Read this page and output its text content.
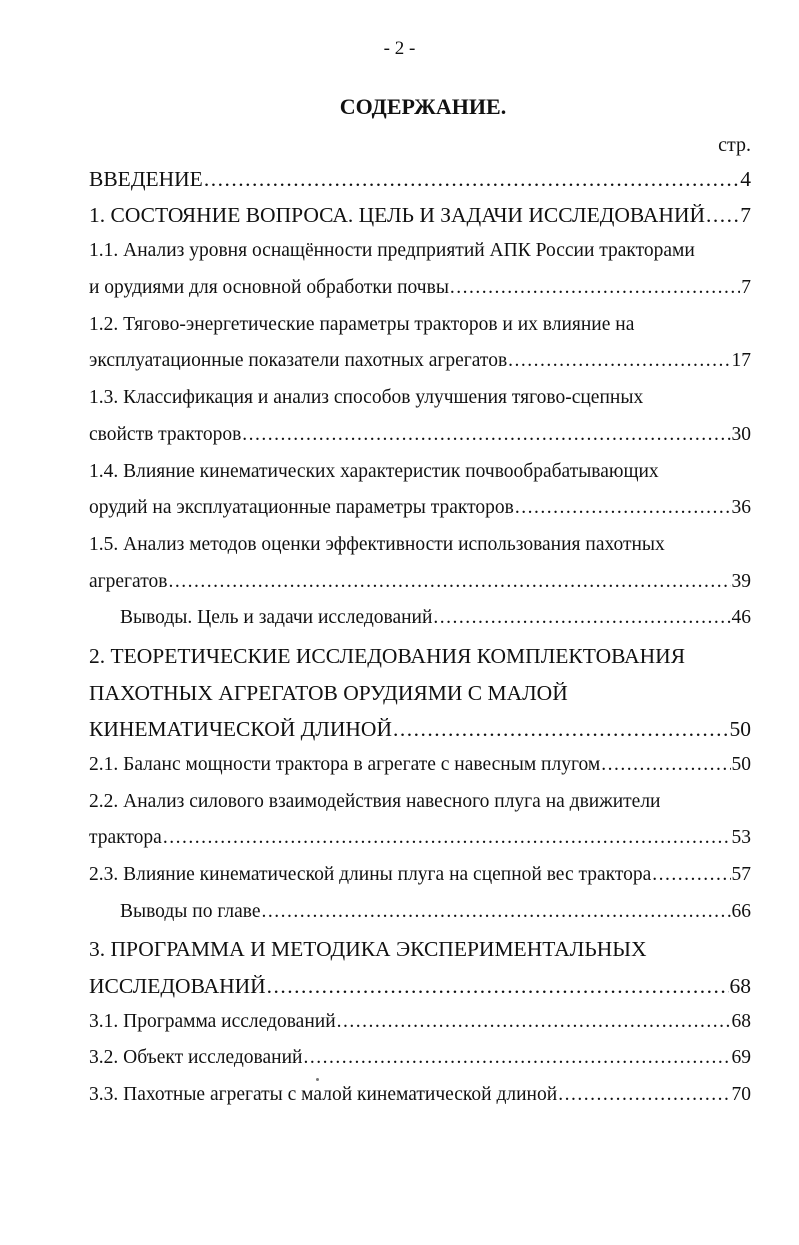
- 2 -
СОДЕРЖАНИЕ.
стр.
ВВЕДЕНИЕ .....	4
1. СОСТОЯНИЕ ВОПРОСА. ЦЕЛЬ И ЗАДАЧИ ИССЛЕДОВАНИЙ ..... 7
1.1. Анализ уровня оснащённости предприятий АПК России тракторами
и орудиями для основной обработки почвы .....	7
1.2. Тягово-энергетические параметры тракторов и их влияние на
эксплуатационные показатели пахотных агрегатов .....	17
1.3. Классификация и анализ способов улучшения тягово-сцепных
свойств тракторов .....	30
1.4. Влияние кинематических характеристик почвообрабатывающих
орудий на эксплуатационные параметры тракторов .....	36
1.5. Анализ методов оценки эффективности использования пахотных
агрегатов .....	39
Выводы. Цель и задачи исследований .....	46
2. ТЕОРЕТИЧЕСКИЕ ИССЛЕДОВАНИЯ КОМПЛЕКТОВАНИЯ
ПАХОТНЫХ АГРЕГАТОВ ОРУДИЯМИ С МАЛОЙ
КИНЕМАТИЧЕСКОЙ ДЛИНОЙ .....	50
2.1. Баланс мощности трактора в агрегате с навесным плугом .....	50
2.2. Анализ силового взаимодействия навесного плуга на движители
трактора .....	53
2.3. Влияние кинематической длины плуга на сцепной вес трактора .....	57
Выводы по главе .....	66
3. ПРОГРАММА И МЕТОДИКА ЭКСПЕРИМЕНТАЛЬНЫХ
ИССЛЕДОВАНИЙ .....	68
3.1. Программа исследований .....	68
3.2. Объект исследований .....	69
3.3. Пахотные агрегаты с малой кинематической длиной .....	70
